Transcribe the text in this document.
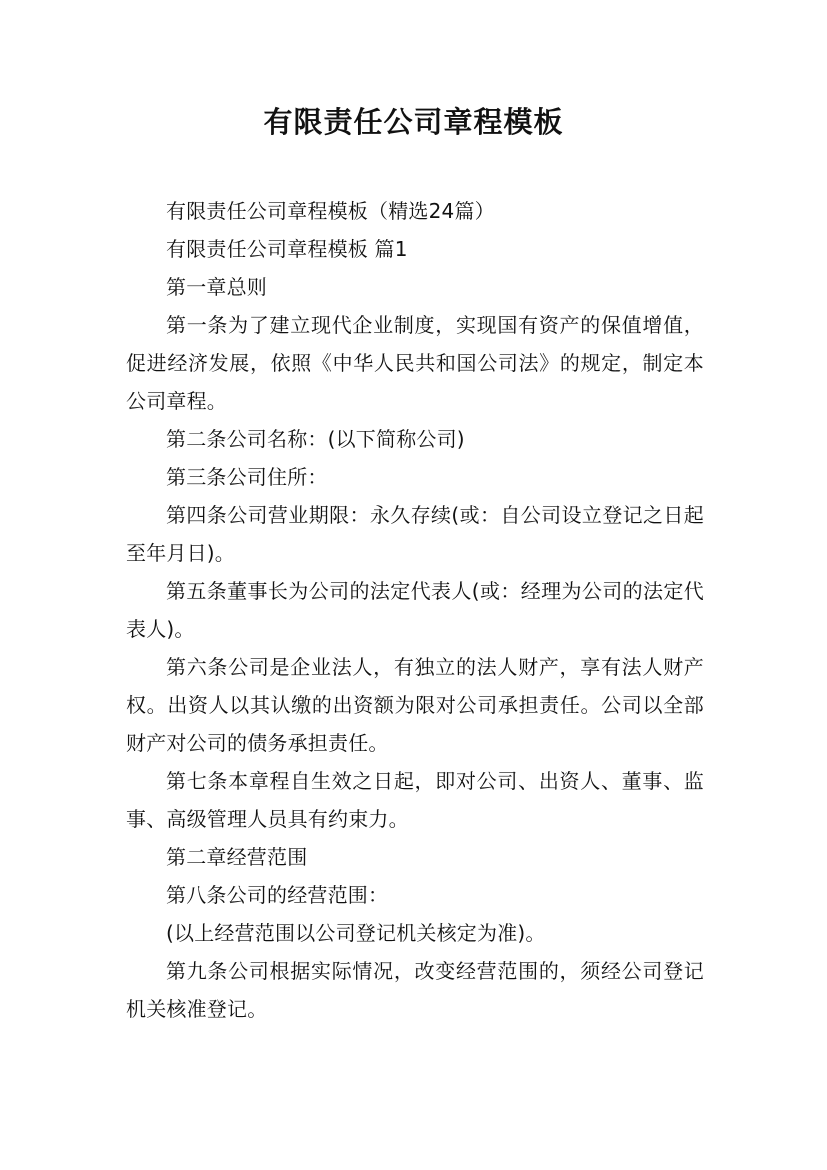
有限责任公司章程模板

有限责任公司章程模板（精选24篇）

有限责任公司章程模板 篇1

第一章总则

第一条为了建立现代企业制度，实现国有资产的保值增值，促进经济发展，依照《中华人民共和国公司法》的规定，制定本公司章程。

第二条公司名称：(以下简称公司)

第三条公司住所：

第四条公司营业期限：永久存续(或：自公司设立登记之日起至年月日)。

第五条董事长为公司的法定代表人(或：经理为公司的法定代表人)。

第六条公司是企业法人，有独立的法人财产，享有法人财产权。出资人以其认缴的出资额为限对公司承担责任。公司以全部财产对公司的债务承担责任。

第七条本章程自生效之日起，即对公司、出资人、董事、监事、高级管理人员具有约束力。

第二章经营范围

第八条公司的经营范围：

(以上经营范围以公司登记机关核定为准)。

第九条公司根据实际情况，改变经营范围的，须经公司登记机关核准登记。
